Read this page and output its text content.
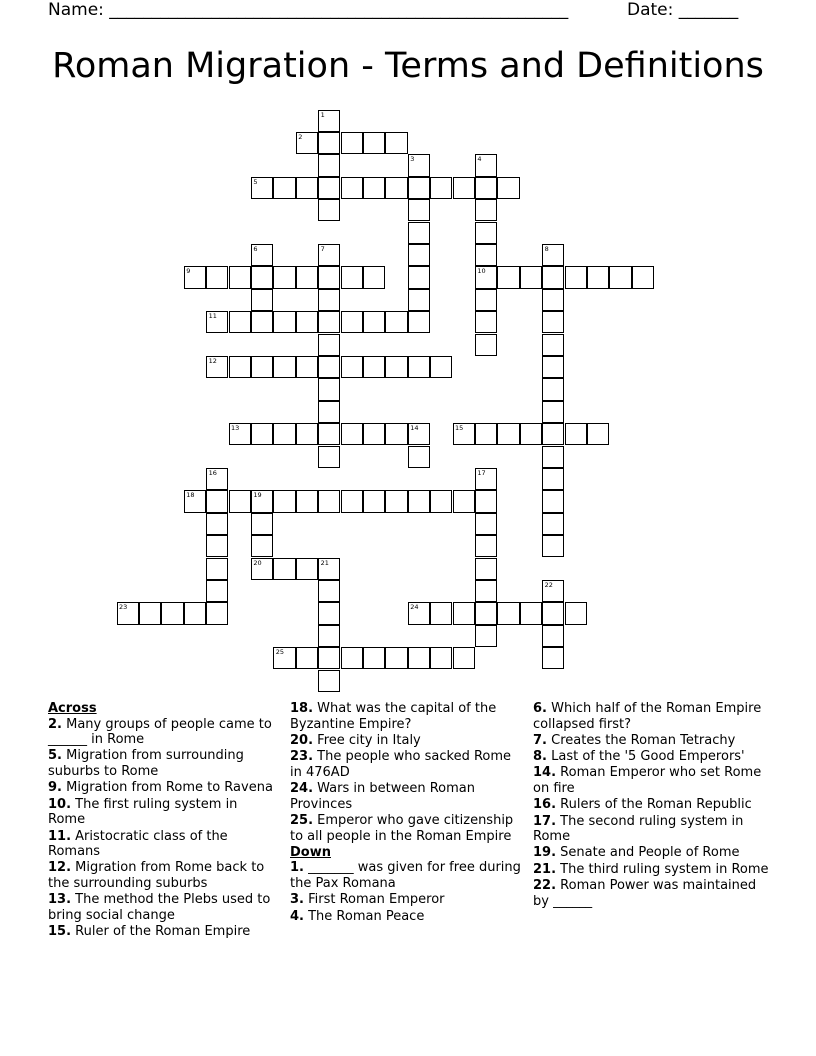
Name: ______________________________________________________	Date: _______
Roman Migration - Terms and Definitions
2
5
9	10
11
12
13	14	15
18	19
20	21
23	24
25
1
3	4
6	7	8
16	17
22
Across
2. Many groups of people came to ______ in Rome
5. Migration from surrounding suburbs to Rome
9. Migration from Rome to Ravena
10. The first ruling system in Rome
11. Aristocratic class of the Romans
12. Migration from Rome back to the surrounding suburbs
13. The method the Plebs used to bring social change
15. Ruler of the Roman Empire
18. What was the capital of the Byzantine Empire?
20. Free city in Italy
23. The people who sacked Rome in 476AD
24. Wars in between Roman Provinces
25. Emperor who gave citizenship to all people in the Roman Empire
Down
1. _______ was given for free during the Pax Romana
3. First Roman Emperor
4. The Roman Peace
6. Which half of the Roman Empire collapsed first?
7. Creates the Roman Tetrachy
8. Last of the '5 Good Emperors'
14. Roman Emperor who set Rome on fire
16. Rulers of the Roman Republic
17. The second ruling system in Rome
19. Senate and People of Rome
21. The third ruling system in Rome
22. Roman Power was maintained by ______
